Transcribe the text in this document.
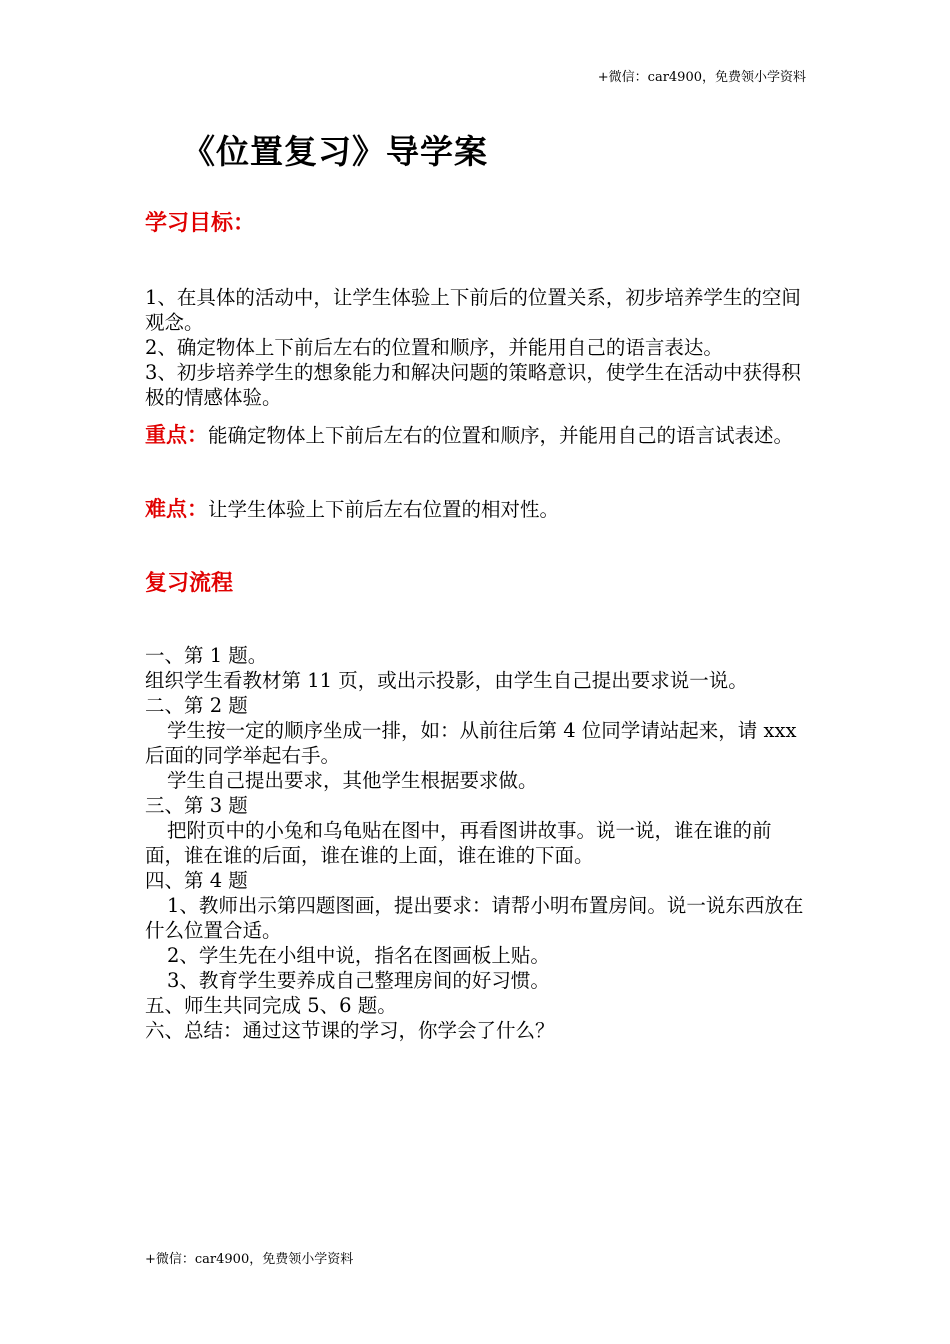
+微信：car4900，免费领小学资料
《位置复习》导学案
学习目标：

1、在具体的活动中，让学生体验上下前后的位置关系，初步培养学生的空间观念。

2、确定物体上下前后左右的位置和顺序，并能用自己的语言表达。

3、初步培养学生的想象能力和解决问题的策略意识，使学生在活动中获得积极的情感体验。

重点：能确定物体上下前后左右的位置和顺序，并能用自己的语言试表述。
难点：让学生体验上下前后左右位置的相对性。
复习流程

一、第 1 题。

组织学生看教材第 11 页，或出示投影，由学生自己提出要求说一说。

二、第 2 题

学生按一定的顺序坐成一排，如：从前往后第 4 位同学请站起来，请 xxx 后面的同学举起右手。

学生自己提出要求，其他学生根据要求做。

三、第 3 题

把附页中的小兔和乌龟贴在图中，再看图讲故事。说一说，谁在谁的前面，谁在谁的后面，谁在谁的上面，谁在谁的下面。

四、第 4 题

1、教师出示第四题图画，提出要求：请帮小明布置房间。说一说东西放在什么位置合适。

2、学生先在小组中说，指名在图画板上贴。

3、教育学生要养成自己整理房间的好习惯。

五、师生共同完成 5、6 题。

六、总结：通过这节课的学习，你学会了什么？

+微信：car4900，免费领小学资料
